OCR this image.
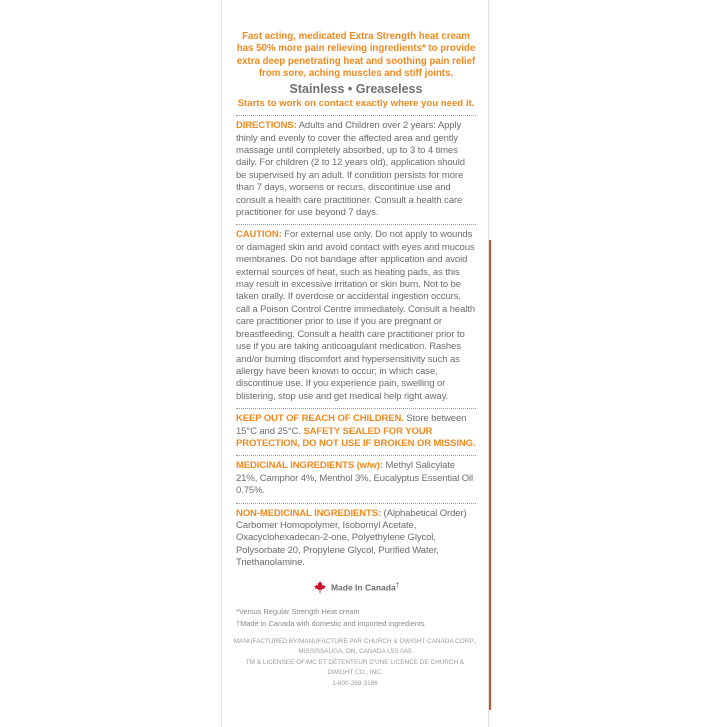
Fast acting, medicated Extra Strength heat cream has 50% more pain relieving ingredients* to provide extra deep penetrating heat and soothing pain relief from sore, aching muscles and stiff joints.

Stainless • Greaseless
Starts to work on contact exactly where you need it.

DIRECTIONS: Adults and Children over 2 years: Apply thinly and evenly to cover the affected area and gently massage until completely absorbed, up to 3 to 4 times daily. For children (2 to 12 years old), application should be supervised by an adult. If condition persists for more than 7 days, worsens or recurs, discontinue use and consult a health care practitioner. Consult a health care practitioner for use beyond 7 days.

CAUTION: For external use only. Do not apply to wounds or damaged skin and avoid contact with eyes and mucous membranes. Do not bandage after application and avoid external sources of heat, such as heating pads, as this may result in excessive irritation or skin burn. Not to be taken orally. If overdose or accidental ingestion occurs, call a Poison Control Centre immediately. Consult a health care practitioner prior to use if you are pregnant or breastfeeding. Consult a health care practitioner prior to use if you are taking anticoagulant medication. Rashes and/or burning discomfort and hypersensitivity such as allergy have been known to occur; in which case, discontinue use. If you experience pain, swelling or blistering, stop use and get medical help right away.

KEEP OUT OF REACH OF CHILDREN. Store between 15°C and 25°C. SAFETY SEALED FOR YOUR PROTECTION, DO NOT USE IF BROKEN OR MISSING.

MEDICINAL INGREDIENTS (w/w): Methyl Salicylate 21%, Camphor 4%, Menthol 3%, Eucalyptus Essential Oil 0.75%.

NON-MEDICINAL INGREDIENTS: (Alphabetical Order) Carbomer Homopolymer, Isobornyl Acetate, Oxacyclohexadecan-2-one, Polyethylene Glycol, Polysorbate 20, Propylene Glycol, Purified Water, Triethanolamine.

Made In Canada†
*Versus Regular Strength Heat cream
†Made in Canada with domestic and imported ingredients
MANUFACTURED BY/MANUFACTURÉ PAR CHURCH & DWIGHT CANADA CORP.,
MISSISSAUGA, ON, CANADA L5S 0A5
TM & LICENSEE OF/MC ET DÉTENTEUR D'UNE LICENCE DE CHURCH & DWIGHT CO., INC.
1-800-268-3186
